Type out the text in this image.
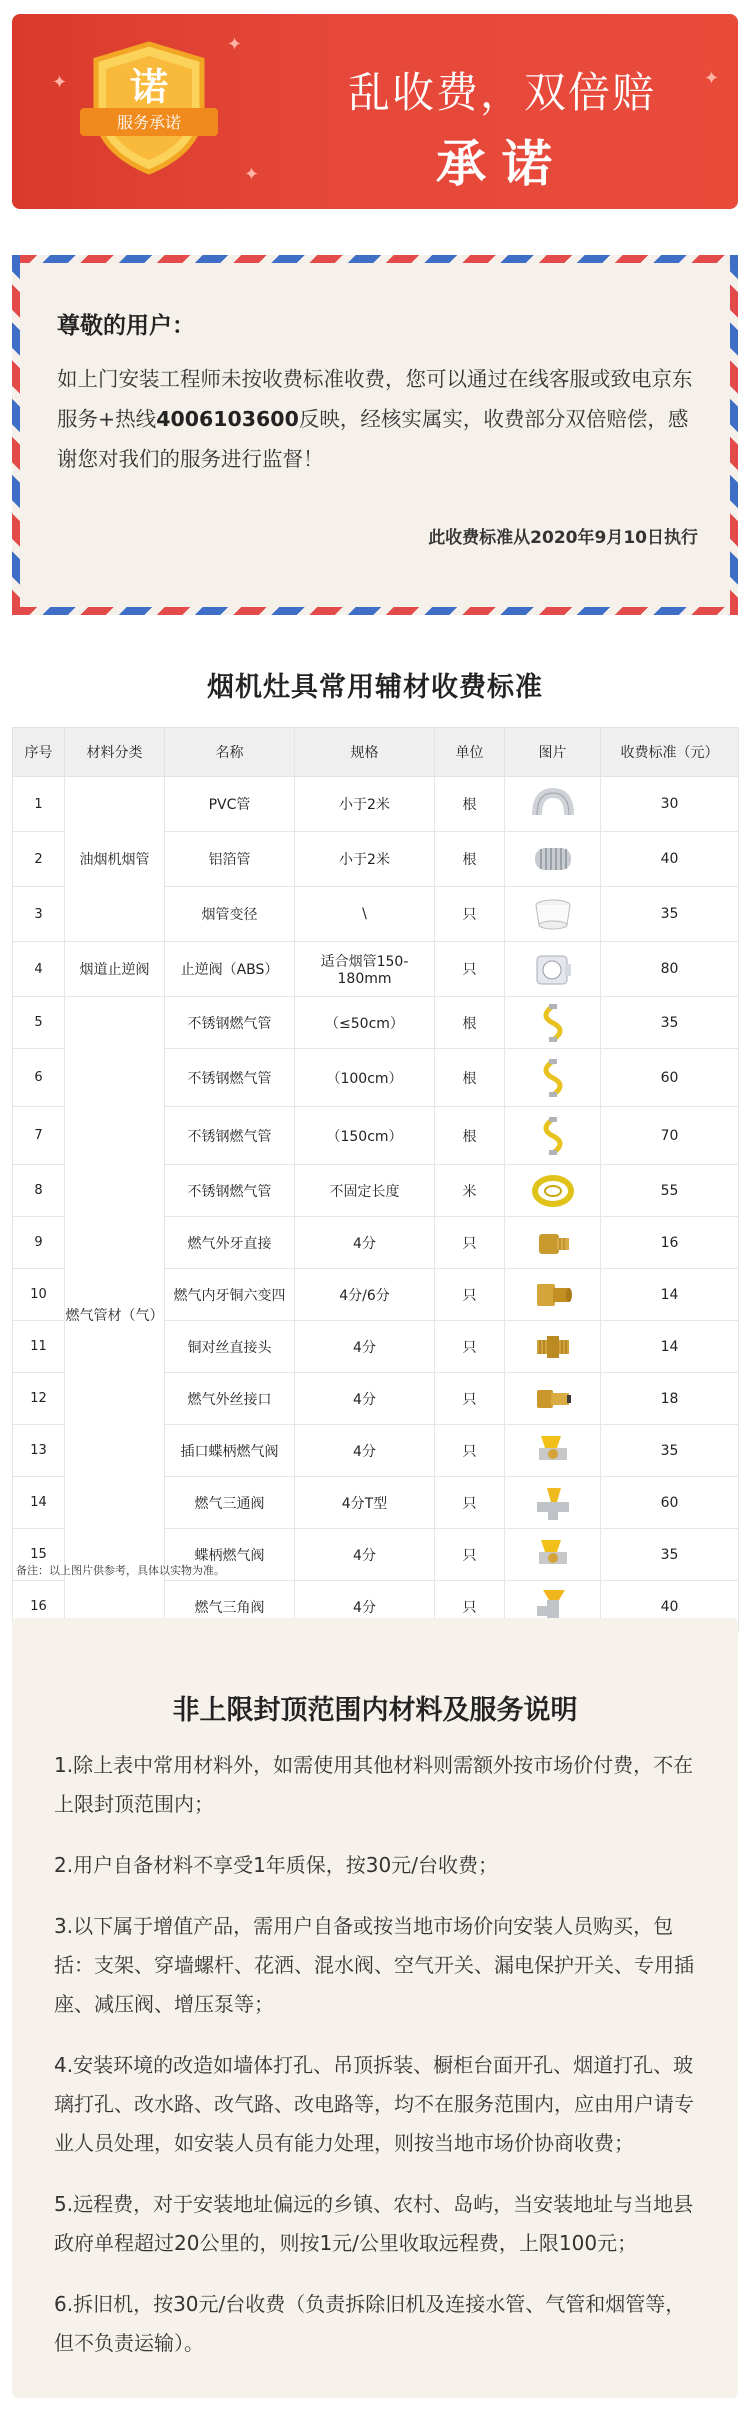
✦
✦
✦
✦
诺
服务承诺
乱收费，双倍赔
承诺
尊敬的用户：
如上门安装工程师未按收费标准收费，您可以通过在线客服或致电京东服务+热线4006103600反映，经核实属实，收费部分双倍赔偿，感谢您对我们的服务进行监督！
此收费标准从2020年9月10日执行
烟机灶具常用辅材收费标准
序号	材料分类	名称	规格	单位	图片	收费标准（元）
1	油烟机烟管	PVC管	小于2米	根		30
2		铝箔管	小于2米	根		40
3		烟管变径	\	只		35
4	烟道止逆阀	止逆阀（ABS）	适合烟管150-180mm	只		80
5	燃气管材（气）	不锈钢燃气管	（≤50cm）	根		35
6		不锈钢燃气管	（100cm）	根		60
7		不锈钢燃气管	（150cm）	根		70
8		不锈钢燃气管	不固定长度	米		55
9		燃气外牙直接	4分	只		16
10		燃气内牙铜六变四	4分/6分	只		14
11		铜对丝直接头	4分	只		14
12		燃气外丝接口	4分	只		18
13		插口蝶柄燃气阀	4分	只		35
14		燃气三通阀	4分T型	只		60
15		蝶柄燃气阀	4分	只		35
16		燃气三角阀	4分	只		40
备注：以上图片供参考，具体以实物为准。
非上限封顶范围内材料及服务说明

1.除上表中常用材料外，如需使用其他材料则需额外按市场价付费，不在上限封顶范围内；

2.用户自备材料不享受1年质保，按30元/台收费；

3.以下属于增值产品，需用户自备或按当地市场价向安装人员购买，包括：支架、穿墙螺杆、花洒、混水阀、空气开关、漏电保护开关、专用插座、减压阀、增压泵等；

4.安装环境的改造如墙体打孔、吊顶拆装、橱柜台面开孔、烟道打孔、玻璃打孔、改水路、改气路、改电路等，均不在服务范围内，应由用户请专业人员处理，如安装人员有能力处理，则按当地市场价协商收费；

5.远程费，对于安装地址偏远的乡镇、农村、岛屿，当安装地址与当地县政府单程超过20公里的，则按1元/公里收取远程费，上限100元；

6.拆旧机，按30元/台收费（负责拆除旧机及连接水管、气管和烟管等，但不负责运输）。
